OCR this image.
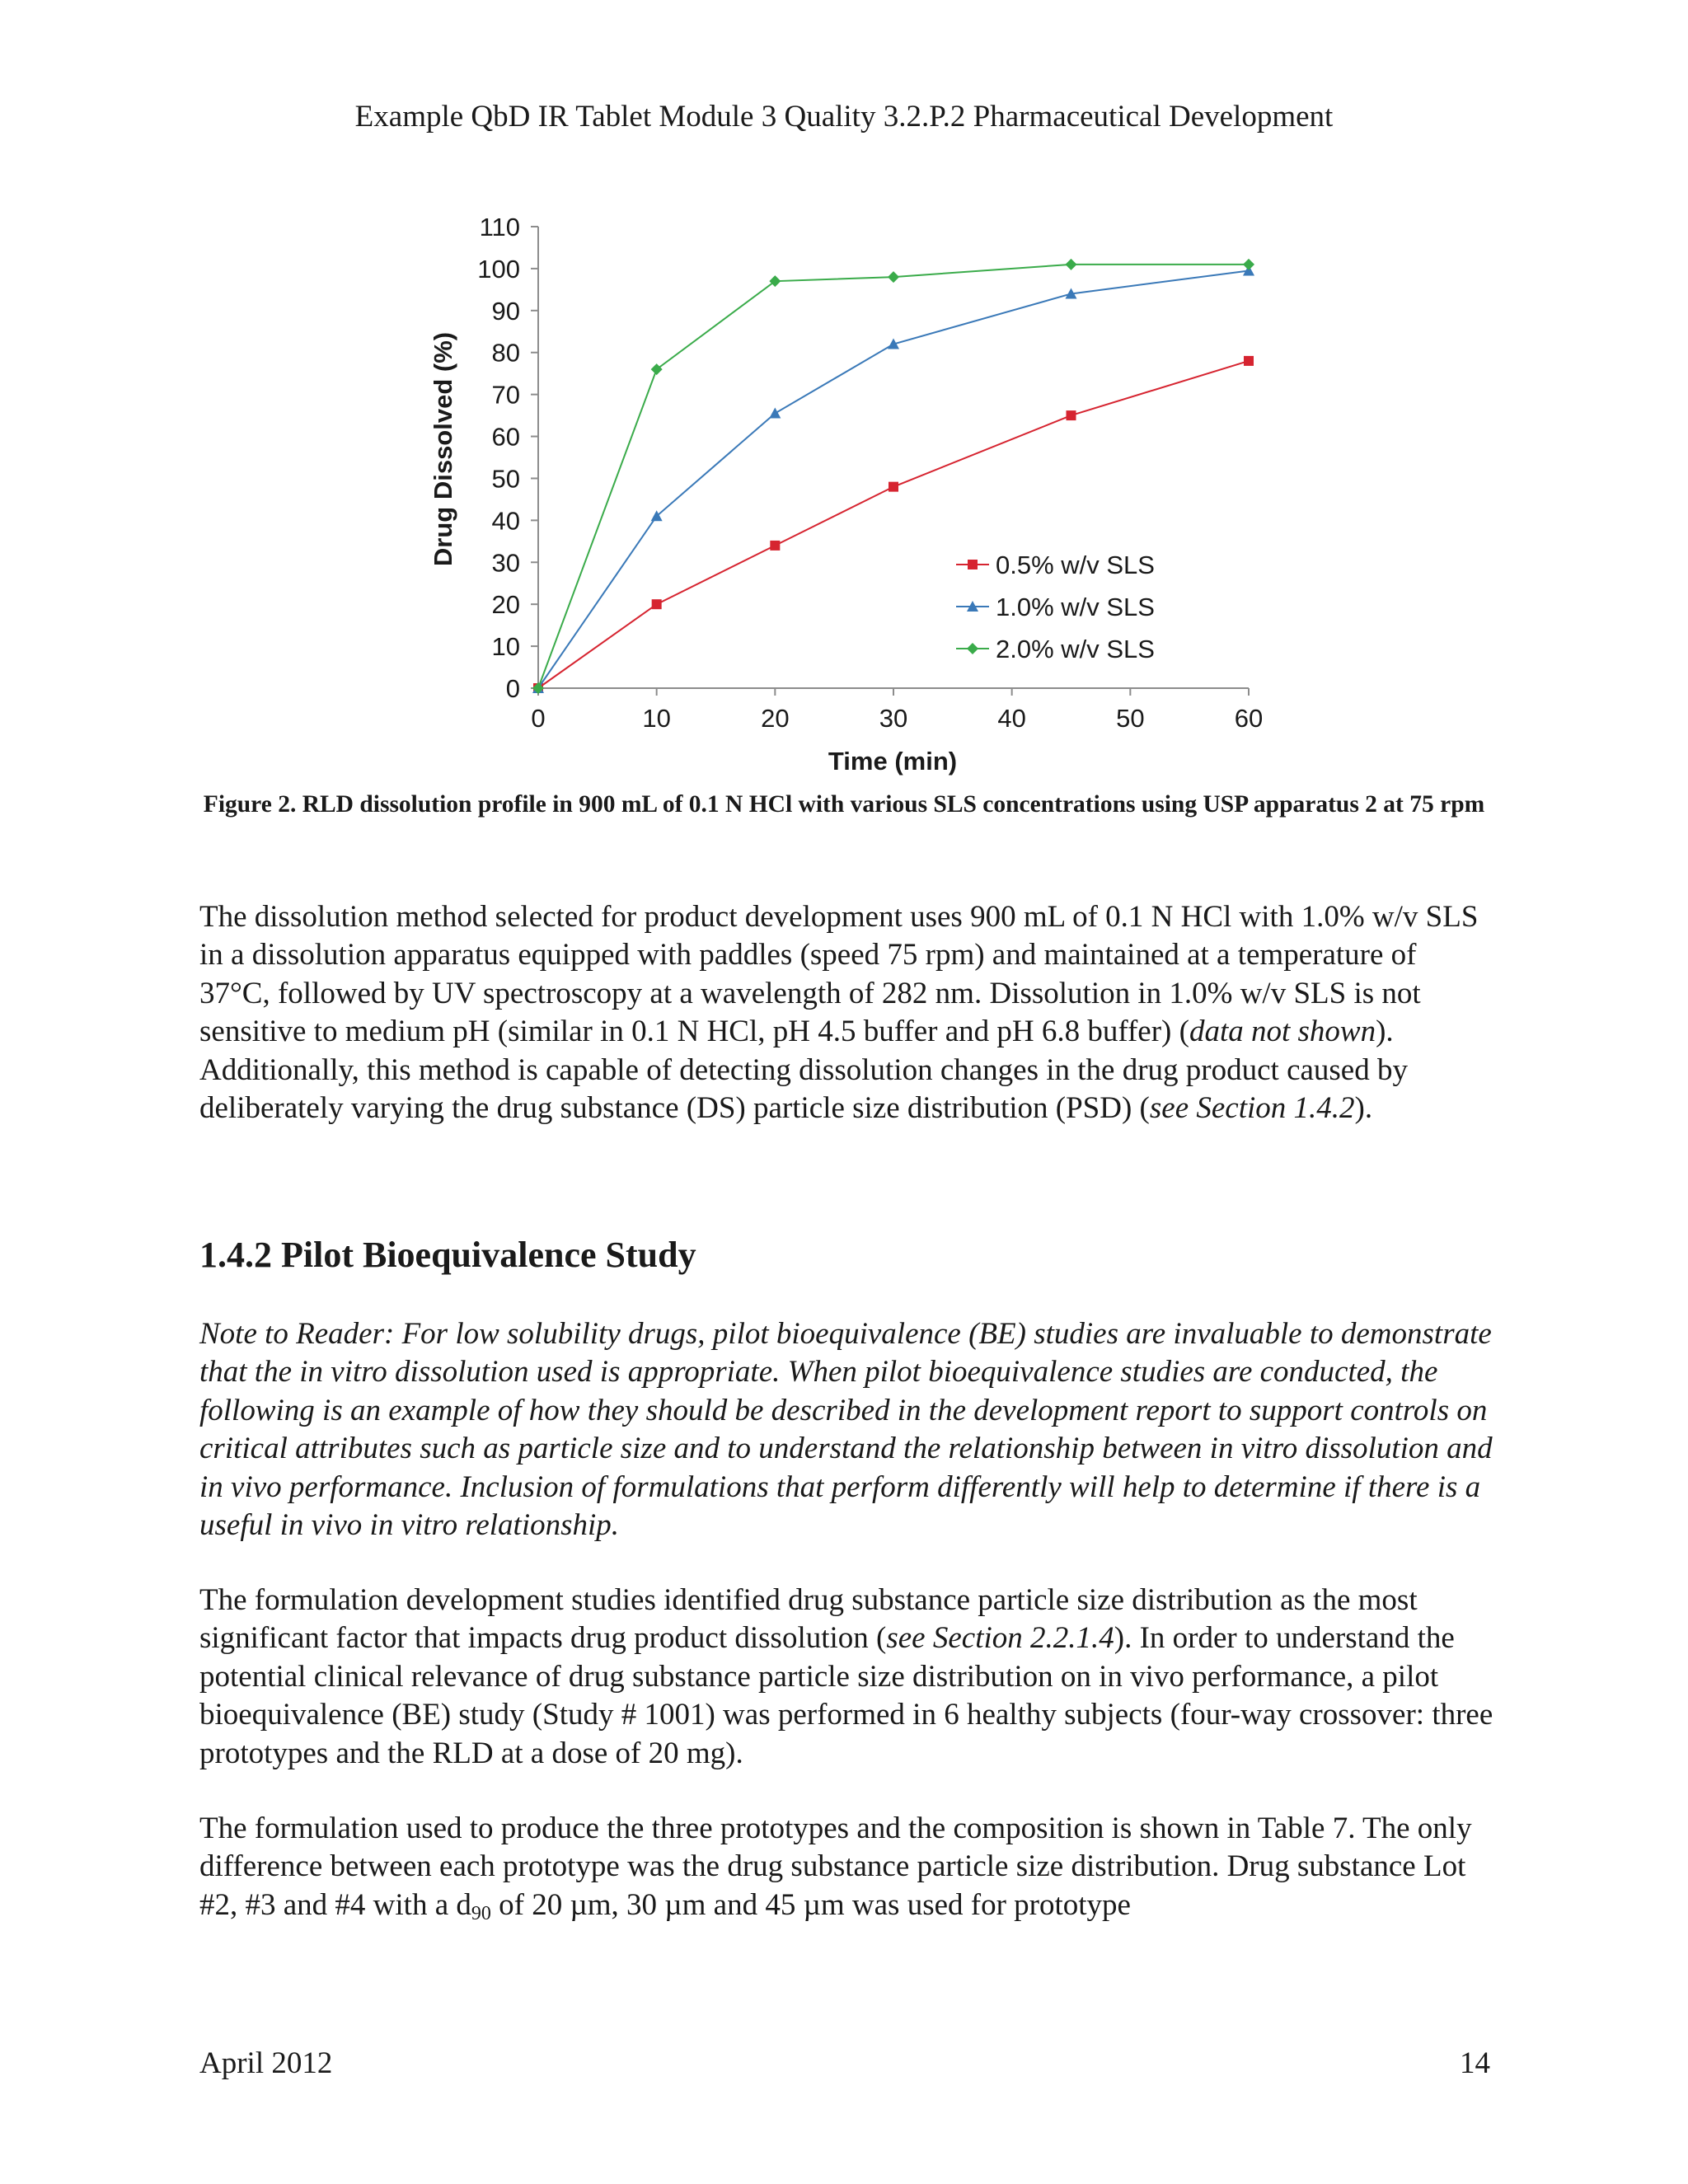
Example QbD IR Tablet Module 3 Quality 3.2.P.2 Pharmaceutical Development
Drug Dissolved (%)
Time (min)
0
10
20
30
40
50
60
70
80
90
100
110
0	10	20	30	40	50	60
0.5% w/v SLS
1.0% w/v SLS
2.0% w/v SLS
Figure 2. RLD dissolution profile in 900 mL of 0.1 N HCl with various SLS concentrations using USP apparatus 2 at 75 rpm

The dissolution method selected for product development uses 900 mL of 0.1 N HCl with 1.0% w/v SLS in a dissolution apparatus equipped with paddles (speed 75 rpm) and maintained at a temperature of 37°C, followed by UV spectroscopy at a wavelength of 282 nm. Dissolution in 1.0% w/v SLS is not sensitive to medium pH (similar in 0.1 N HCl, pH 4.5 buffer and pH 6.8 buffer) (data not shown). Additionally, this method is capable of detecting dissolution changes in the drug product caused by deliberately varying the drug substance (DS) particle size distribution (PSD) (see Section 1.4.2).

1.4.2 Pilot Bioequivalence Study

Note to Reader: For low solubility drugs, pilot bioequivalence (BE) studies are invaluable to demonstrate that the in vitro dissolution used is appropriate. When pilot bioequivalence studies are conducted, the following is an example of how they should be described in the development report to support controls on critical attributes such as particle size and to understand the relationship between in vitro dissolution and in vivo performance. Inclusion of formulations that perform differently will help to determine if there is a useful in vivo in vitro relationship.

The formulation development studies identified drug substance particle size distribution as the most significant factor that impacts drug product dissolution (see Section 2.2.1.4). In order to understand the potential clinical relevance of drug substance particle size distribution on in vivo performance, a pilot bioequivalence (BE) study (Study # 1001) was performed in 6 healthy subjects (four-way crossover: three prototypes and the RLD at a dose of 20 mg).

The formulation used to produce the three prototypes and the composition is shown in Table 7. The only difference between each prototype was the drug substance particle size distribution. Drug substance Lot #2, #3 and #4 with a $d_{90}$ of 20 µm, 30 µm and 45 µm was used for prototype

April 2012	14
